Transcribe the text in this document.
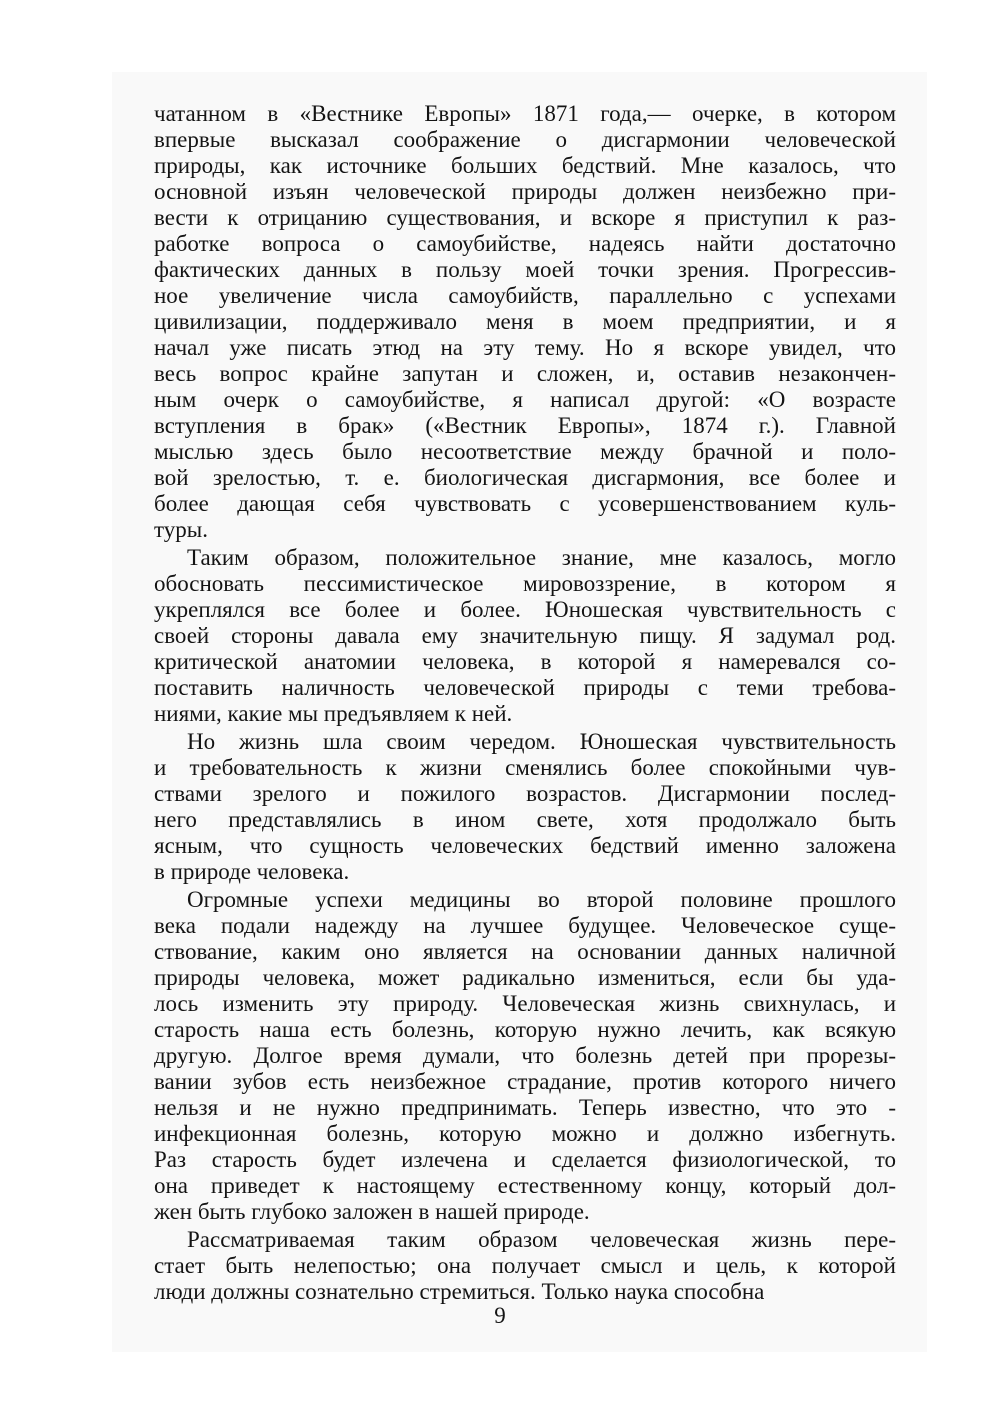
чатанном в «Вестнике Европы» 1871 года,— очерке, в котором
впервые высказал соображение о дисгармонии человеческой
природы, как источнике больших бедствий. Мне казалось, что
основной изъян человеческой природы должен неизбежно при-
вести к отрицанию существования, и вскоре я приступил к раз-
работке вопроса о самоубийстве, надеясь найти достаточно
фактических данных в пользу моей точки зрения. Прогрессив-
ное увеличение числа самоубийств, параллельно с успехами
цивилизации, поддерживало меня в моем предприятии, и я
начал уже писать этюд на эту тему. Но я вскоре увидел, что
весь вопрос крайне запутан и сложен, и, оставив незакончен-
ным очерк о самоубийстве, я написал другой: «О возрасте
вступления в брак» («Вестник Европы», 1874 г.). Главной
мыслью здесь было несоответствие между брачной и поло-
вой зрелостью, т. е. биологическая дисгармония, все более и
более дающая себя чувствовать с усовершенствованием куль-
туры.
Таким образом, положительное знание, мне казалось, могло
обосновать пессимистическое мировоззрение, в котором я
укреплялся все более и более. Юношеская чувствительность с
своей стороны давала ему значительную пищу. Я задумал род.
критической анатомии человека, в которой я намеревался со-
поставить наличность человеческой природы с теми требова-
ниями, какие мы предъявляем к ней.
Но жизнь шла своим чередом. Юношеская чувствительность
и требовательность к жизни сменялись более спокойными чув-
ствами зрелого и пожилого возрастов. Дисгармонии послед-
него представлялись в ином свете, хотя продолжало быть
ясным, что сущность человеческих бедствий именно заложена
в природе человека.
Огромные успехи медицины во второй половине прошлого
века подали надежду на лучшее будущее. Человеческое суще-
ствование, каким оно является на основании данных наличной
природы человека, может радикально измениться, если бы уда-
лось изменить эту природу. Человеческая жизнь свихнулась, и
старость наша есть болезнь, которую нужно лечить, как всякую
другую. Долгое время думали, что болезнь детей при прорезы-
вании зубов есть неизбежное страдание, против которого ничего
нельзя и не нужно предпринимать. Теперь известно, что это -
инфекционная болезнь, которую можно и должно избегнуть.
Раз старость будет излечена и сделается физиологической, то
она приведет к настоящему естественному концу, который дол-
жен быть глубоко заложен в нашей природе.
Рассматриваемая таким образом человеческая жизнь пере-
стает быть нелепостью; она получает смысл и цель, к которой
люди должны сознательно стремиться. Только наука способна
9
